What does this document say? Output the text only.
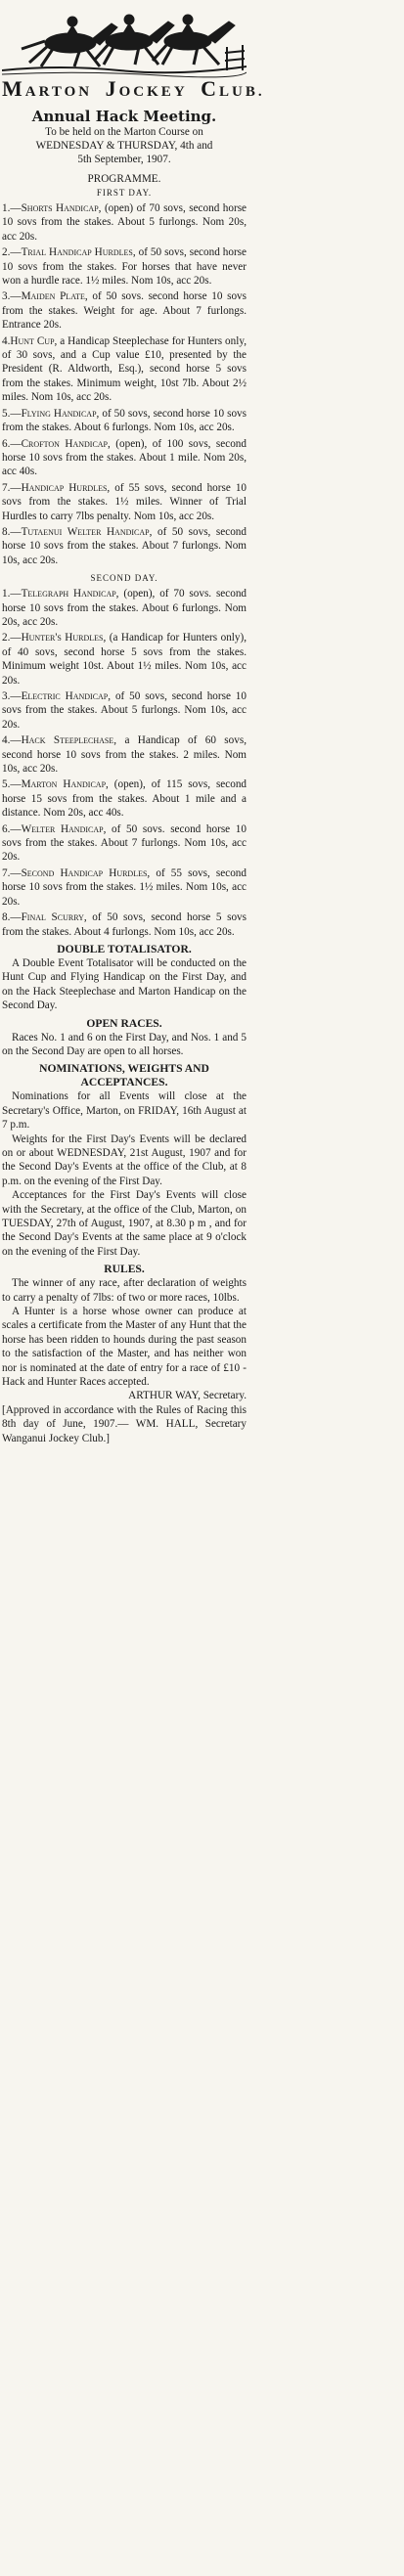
MARTON JOCKEY CLUB.
Annual Hack Meeting.
To be held on the Marton Course on
WEDNESDAY & THURSDAY, 4th and
5th September, 1907.
PROGRAMME.
FIRST DAY.

1.—Shorts Handicap, (open) of 70 sovs, second horse 10 sovs from the stakes. About 5 furlongs. Nom 20s, acc 20s.

2.—Trial Handicap Hurdles, of 50 sovs, second horse 10 sovs from the stakes. For horses that have never won a hurdle race. 1½ miles. Nom 10s, acc 20s.

3.—Maiden Plate, of 50 sovs. second horse 10 sovs from the stakes. Weight for age. About 7 furlongs. Entrance 20s.

4.Hunt Cup, a Handicap Steeplechase for Hunters only, of 30 sovs, and a Cup value £10, presented by the President (R. Aldworth, Esq.), second horse 5 sovs from the stakes. Minimum weight, 10st 7lb. About 2½ miles. Nom 10s, acc 20s.

5.—Flying Handicap, of 50 sovs, second horse 10 sovs from the stakes. About 6 furlongs. Nom 10s, acc 20s.

6.—Crofton Handicap, (open), of 100 sovs, second horse 10 sovs from the stakes. About 1 mile. Nom 20s, acc 40s.

7.—Handicap Hurdles, of 55 sovs, second horse 10 sovs from the stakes. 1½ miles. Winner of Trial Hurdles to carry 7lbs penalty. Nom 10s, acc 20s.

8.—Tutaenui Welter Handicap, of 50 sovs, second horse 10 sovs from the stakes. About 7 furlongs. Nom 10s, acc 20s.

SECOND DAY.

1.—Telegraph Handicap, (open), of 70 sovs. second horse 10 sovs from the stakes. About 6 furlongs. Nom 20s, acc 20s.

2.—Hunter's Hurdles, (a Handicap for Hunters only), of 40 sovs, second horse 5 sovs from the stakes. Minimum weight 10st. About 1½ miles. Nom 10s, acc 20s.

3.—Electric Handicap, of 50 sovs, second horse 10 sovs from the stakes. About 5 furlongs. Nom 10s, acc 20s.

4.—Hack Steeplechase, a Handicap of 60 sovs, second horse 10 sovs from the stakes. 2 miles. Nom 10s, acc 20s.

5.—Marton Handicap, (open), of 115 sovs, second horse 15 sovs from the stakes. About 1 mile and a distance. Nom 20s, acc 40s.

6.—Welter Handicap, of 50 sovs. second horse 10 sovs from the stakes. About 7 furlongs. Nom 10s, acc 20s.

7.—Second Handicap Hurdles, of 55 sovs, second horse 10 sovs from the stakes. 1½ miles. Nom 10s, acc 20s.

8.—Final Scurry, of 50 sovs, second horse 5 sovs from the stakes. About 4 furlongs. Nom 10s, acc 20s.

DOUBLE TOTALISATOR.

A Double Event Totalisator will be conducted on the Hunt Cup and Flying Handicap on the First Day, and on the Hack Steeplechase and Marton Handicap on the Second Day.

OPEN RACES.

Races No. 1 and 6 on the First Day, and Nos. 1 and 5 on the Second Day are open to all horses.

NOMINATIONS, WEIGHTS AND
ACCEPTANCES.

Nominations for all Events will close at the Secretary's Office, Marton, on FRIDAY, 16th August at 7 p.m.

Weights for the First Day's Events will be declared on or about WEDNESDAY, 21st August, 1907 and for the Second Day's Events at the office of the Club, at 8 p.m. on the evening of the First Day.

Acceptances for the First Day's Events will close with the Secretary, at the office of the Club, Marton, on TUESDAY, 27th of August, 1907, at 8.30 p m , and for the Second Day's Events at the same place at 9 o'clock on the evening of the First Day.

RULES.

The winner of any race, after declaration of weights to carry a penalty of 7lbs: of two or more races, 10lbs.

A Hunter is a horse whose owner can produce at scales a certificate from the Master of any Hunt that the horse has been ridden to hounds during the past season to the satisfaction of the Master, and has neither won nor is nominated at the date of entry for a race of £10 - Hack and Hunter Races accepted.

ARTHUR WAY, Secretary.

[Approved in accordance with the Rules of Racing this 8th day of June, 1907.— WM. HALL, Secretary Wanganui Jockey Club.]
